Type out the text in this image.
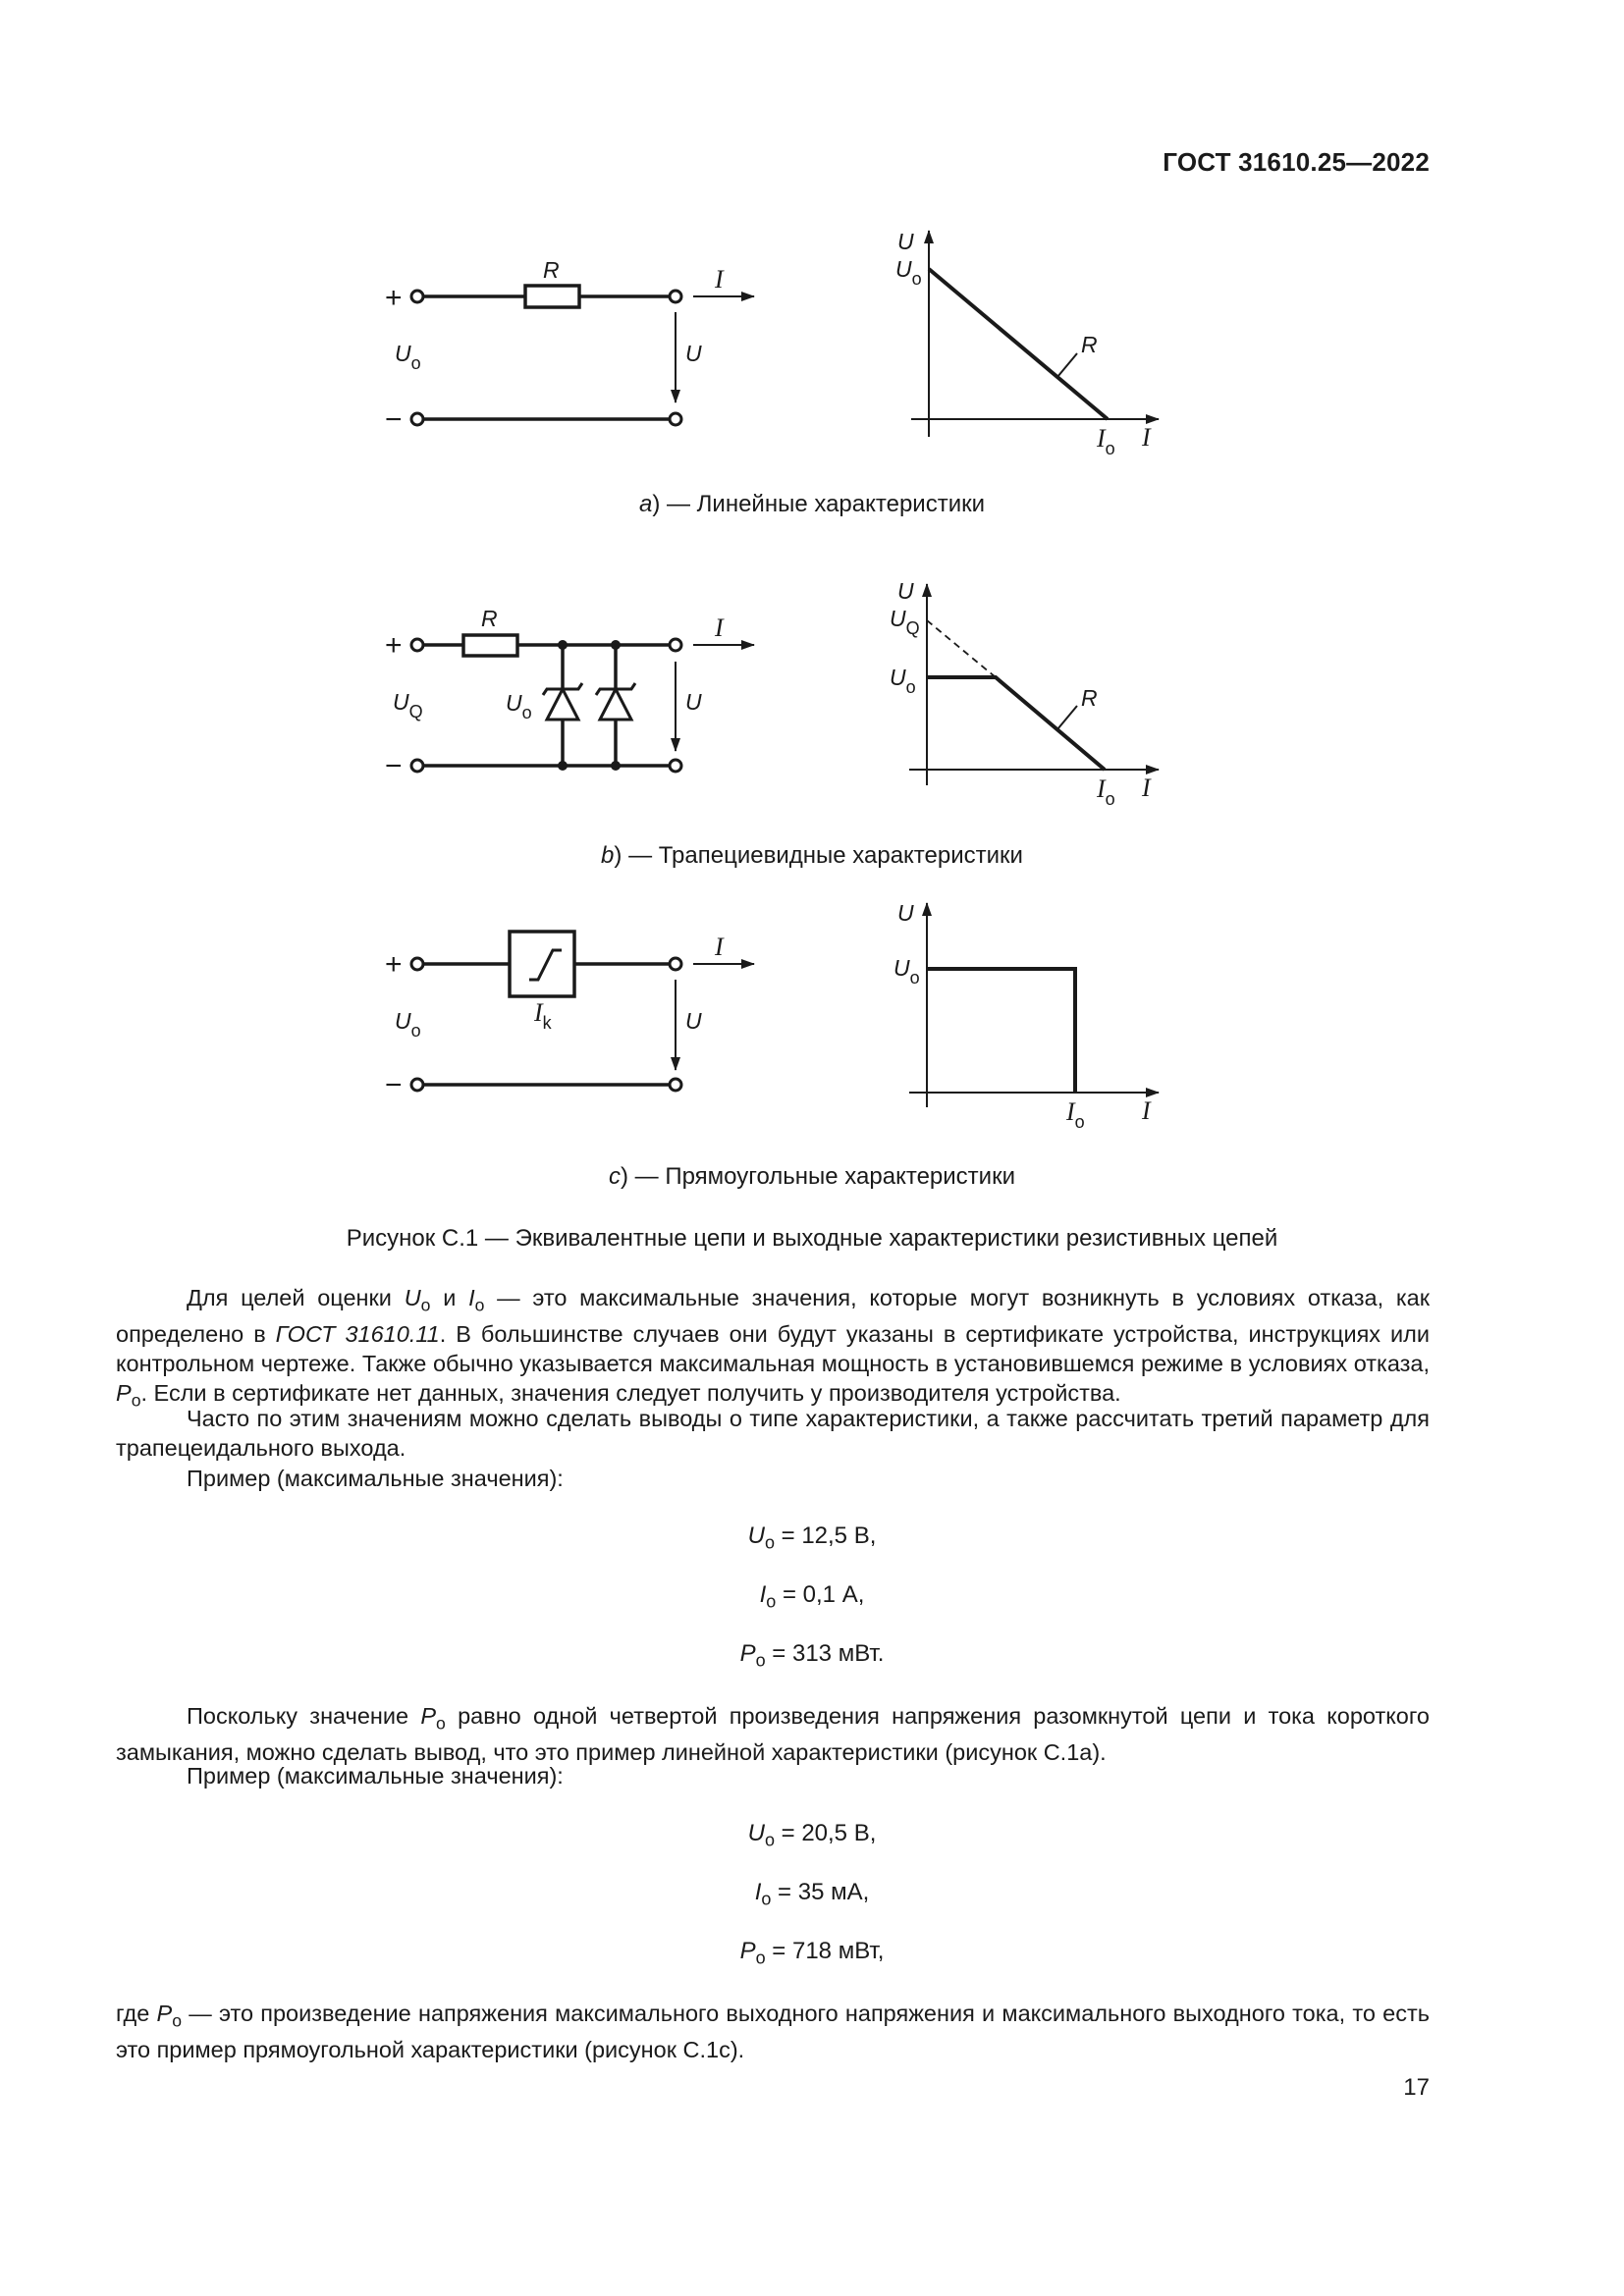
ГОСТ 31610.25—2022
+
−
R	I
U
$U_o$
U
$U_o$
R
$I_o$ I
+
−
R	I
U
$U_Q$	$U_o$
U
$U_Q$
$U_o$	R
$I_o$ I
+
−
I
U
$U_o$
$I_k$
U
$U_o$
$I_o$ I
a) — Линейные характеристики
b) — Трапециевидные характеристики
c) — Прямоугольные характеристики
Рисунок С.1 — Эквивалентные цепи и выходные характеристики резистивных цепей
Для целей оценки $U_o$ и $I_o$ — это максимальные значения, которые могут возникнуть в условиях отказа, как определено в ГОСТ 31610.11. В большинстве случаев они будут указаны в сертификате устройства, инструкциях или контрольном чертеже. Также обычно указывается максимальная мощность в установившемся режиме в условиях отказа, $P_o$. Если в сертификате нет данных, значения следует получить у производителя устройства.
Часто по этим значениям можно сделать выводы о типе характеристики, а также рассчитать третий параметр для трапецеидального выхода.
Пример (максимальные значения):
$U_o = 12,5$ В,
$I_o = 0,1$ А,
$P_o = 313$ мВт.
Поскольку значение $P_o$ равно одной четвертой произведения напряжения разомкнутой цепи и тока короткого замыкания, можно сделать вывод, что это пример линейной характеристики (рисунок С.1а).
Пример (максимальные значения):
$U_o = 20,5$ В,
$I_o = 35$ мА,
$P_o = 718$ мВт,
где $P_o$ — это произведение напряжения максимального выходного напряжения и максимального выходного тока, то есть это пример прямоугольной характеристики (рисунок С.1с).
17
